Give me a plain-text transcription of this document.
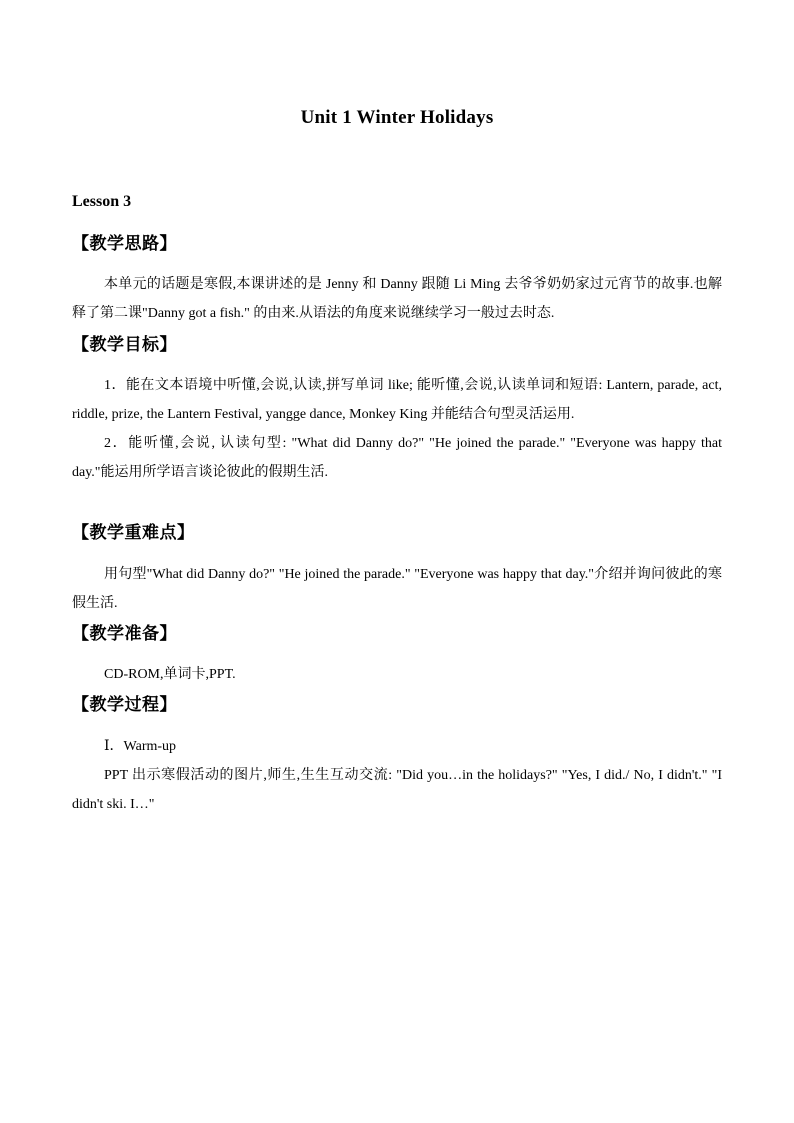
Unit 1 Winter Holidays
Lesson 3
【教学思路】

本单元的话题是寒假,本课讲述的是 Jenny 和 Danny 跟随 Li Ming 去爷爷奶奶家过元宵节的故事.也解释了第二课"Danny got a fish." 的由来.从语法的角度来说继续学习一般过去时态.

【教学目标】

1．能在文本语境中听懂,会说,认读,拼写单词 like; 能听懂,会说,认读单词和短语: Lantern, parade, act, riddle, prize, the Lantern Festival, yangge dance, Monkey King 并能结合句型灵活运用.

2．能听懂,会说, 认读句型: "What did Danny do?" "He joined the parade." "Everyone was happy that day."能运用所学语言谈论彼此的假期生活.

【教学重难点】

用句型"What did Danny do?" "He joined the parade." "Everyone was happy that day."介绍并询问彼此的寒假生活.

【教学准备】

CD-ROM,单词卡,PPT.

【教学过程】

Ⅰ．Warm-up

PPT 出示寒假活动的图片,师生,生生互动交流: "Did you…in the holidays?" "Yes, I did./ No, I didn't." "I didn't ski. I…"
